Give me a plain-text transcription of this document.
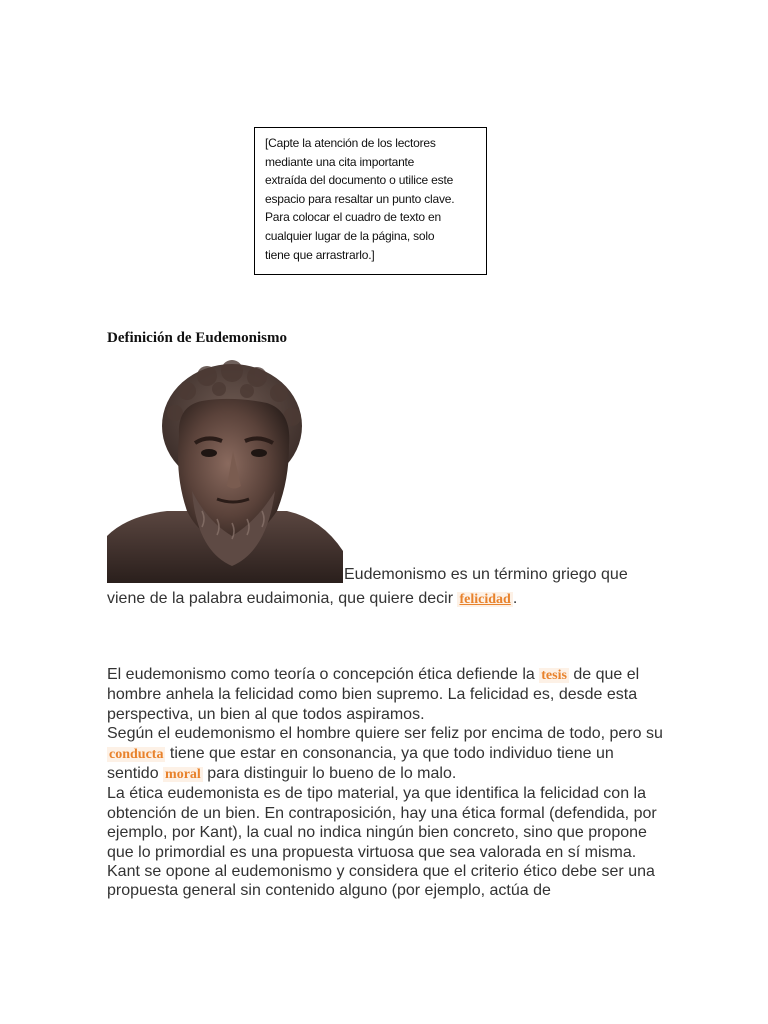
[Capte la atención de los lectores
mediante una cita importante
extraída del documento o utilice este
espacio para resaltar un punto clave.
Para colocar el cuadro de texto en
cualquier lugar de la página, solo
tiene que arrastrarlo.]
Definición de Eudemonismo

Eudemonismo es un término griego que viene de la palabra eudaimonia, que quiere decir felicidad .

El eudemonismo como teoría o concepción ética defiende la tesis de que el hombre anhela la felicidad como bien supremo. La felicidad es, desde esta perspectiva, un bien al que todos aspiramos.
Según el eudemonismo el hombre quiere ser feliz por encima de todo, pero su conducta tiene que estar en consonancia, ya que todo individuo tiene un sentido moral para distinguir lo bueno de lo malo.
La ética eudemonista es de tipo material, ya que identifica la felicidad con la obtención de un bien. En contraposición, hay una ética formal (defendida, por ejemplo, por Kant), la cual no indica ningún bien concreto, sino que propone que lo primordial es una propuesta virtuosa que sea valorada en sí misma. Kant se opone al eudemonismo y considera que el criterio ético debe ser una propuesta general sin contenido alguno (por ejemplo, actúa de
